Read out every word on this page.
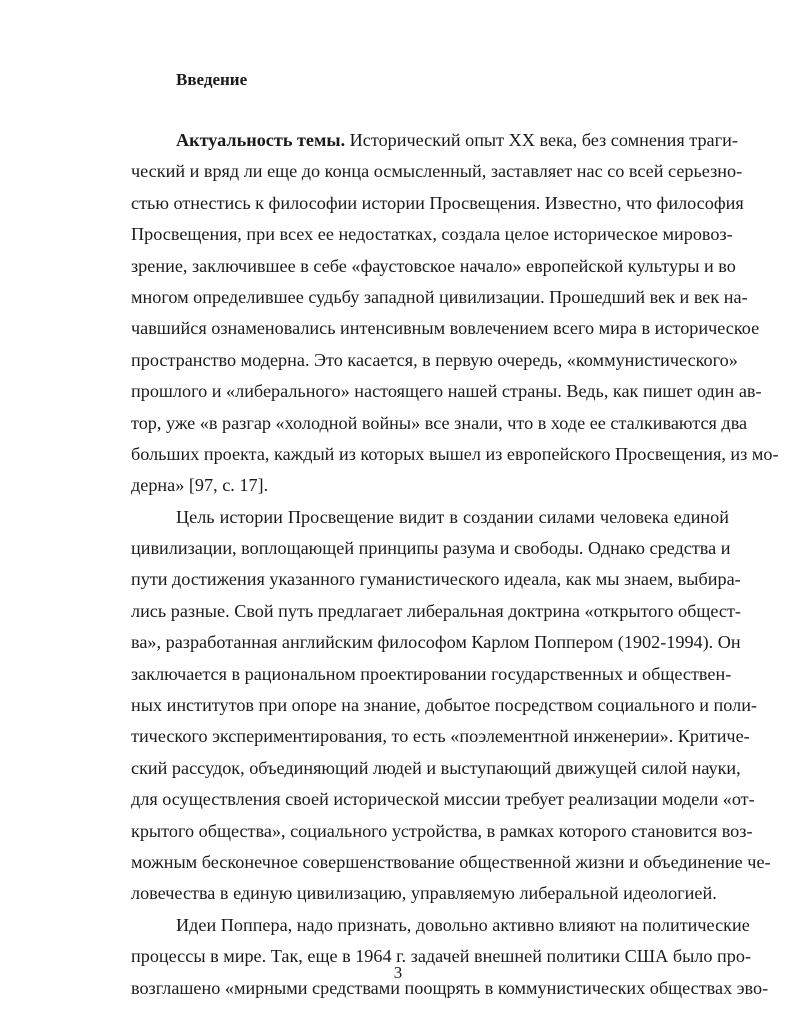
Введение
Актуальность темы. Исторический опыт XX века, без сомнения траги-
ческий и вряд ли еще до конца осмысленный, заставляет нас со всей серьезно-
стью отнестись к философии истории Просвещения. Известно, что философия
Просвещения, при всех ее недостатках, создала целое историческое мировоз-
зрение, заключившее в себе «фаустовское начало» европейской культуры и во
многом определившее судьбу западной цивилизации. Прошедший век и век на-
чавшийся ознаменовались интенсивным вовлечением всего мира в историческое
пространство модерна. Это касается, в первую очередь, «коммунистического»
прошлого и «либерального» настоящего нашей страны. Ведь, как пишет один ав-
тор, уже «в разгар «холодной войны» все знали, что в ходе ее сталкиваются два
больших проекта, каждый из которых вышел из европейского Просвещения, из мо-
дерна» [97, с. 17].
Цель истории Просвещение видит в создании силами человека единой
цивилизации, воплощающей принципы разума и свободы. Однако средства и
пути достижения указанного гуманистического идеала, как мы знаем, выбира-
лись разные. Свой путь предлагает либеральная доктрина «открытого общест-
ва», разработанная английским философом Карлом Поппером (1902-1994). Он
заключается в рациональном проектировании государственных и обществен-
ных институтов при опоре на знание, добытое посредством социального и поли-
тического экспериментирования, то есть «поэлементной инженерии». Критиче-
ский рассудок, объединяющий людей и выступающий движущей силой науки,
для осуществления своей исторической миссии требует реализации модели «от-
крытого общества», социального устройства, в рамках которого становится воз-
можным бесконечное совершенствование общественной жизни и объединение че-
ловечества в единую цивилизацию, управляемую либеральной идеологией.
Идеи Поппера, надо признать, довольно активно влияют на политические
процессы в мире. Так, еще в 1964 г. задачей внешней политики США было про-
возглашено «мирными средствами поощрять в коммунистических обществах эво-
3
